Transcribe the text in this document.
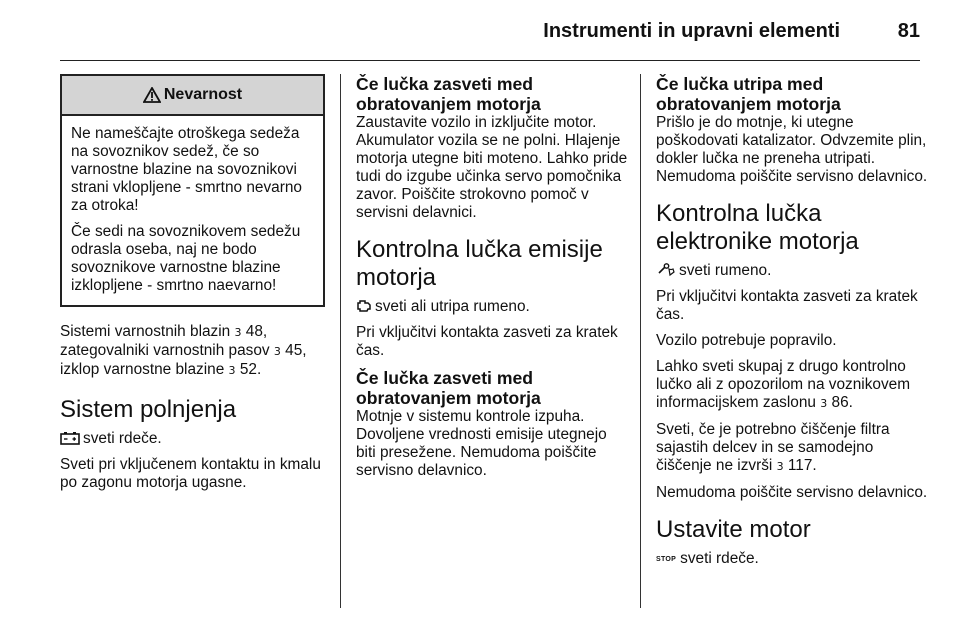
Instrumenti in upravni elementi	81
Nevarnost

Ne nameščajte otroškega sedeža na sovoznikov sedež, če so varnostne blazine na sovoznikovi strani vklopljene - smrtno nevarno za otroka!

Če sedi na sovoznikovem sedežu odrasla oseba, naj ne bodo sovoznikove varnostne blazine izklopljene - smrtno naevarno!

Sistemi varnostnih blazin 3 48,
zategovalniki varnostnih pasov 3 45,
izklop varnostne blazine 3 52.

Sistem polnjenja

sveti rdeče.

Sveti pri vključenem kontaktu in kmalu po zagonu motorja ugasne.

Če lučka zasveti med obratovanjem motorja

Zaustavite vozilo in izključite motor. Akumulator vozila se ne polni. Hlajenje motorja utegne biti moteno. Lahko pride tudi do izgube učinka servo pomočnika zavor. Poiščite strokovno pomoč v servisni delavnici.

Kontrolna lučka emisije motorja

sveti ali utripa rumeno.

Pri vključitvi kontakta zasveti za kratek čas.

Če lučka zasveti med obratovanjem motorja

Motnje v sistemu kontrole izpuha. Dovoljene vrednosti emisije utegnejo biti presežene. Nemudoma poiščite servisno delavnico.

Če lučka utripa med obratovanjem motorja

Prišlo je do motnje, ki utegne poškodovati katalizator. Odvzemite plin, dokler lučka ne preneha utripati. Nemudoma poiščite servisno delavnico.

Kontrolna lučka elektronike motorja

sveti rumeno.

Pri vključitvi kontakta zasveti za kratek čas.

Vozilo potrebuje popravilo.

Lahko sveti skupaj z drugo kontrolno lučko ali z opozorilom na voznikovem informacijskem zaslonu 3 86.

Sveti, če je potrebno čiščenje filtra sajastih delcev in se samodejno čiščenje ne izvrši 3 117.

Nemudoma poiščite servisno delavnico.

Ustavite motor

STOP sveti rdeče.
